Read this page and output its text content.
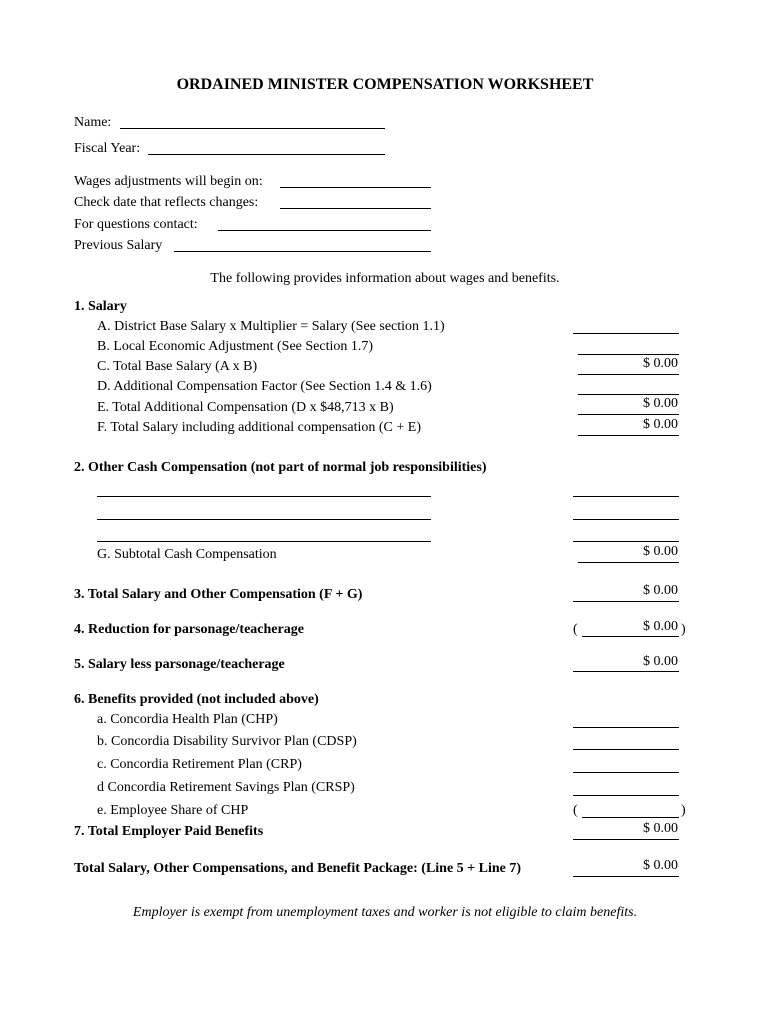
ORDAINED MINISTER COMPENSATION WORKSHEET
Name:
Fiscal Year:
Wages adjustments will begin on:
Check date that reflects changes:
For questions contact:
Previous Salary
The following provides information about wages and benefits.
1. Salary
A. District Base Salary x Multiplier = Salary (See section 1.1)
B. Local Economic Adjustment (See Section 1.7)
C. Total Base Salary (A x B)	$ 0.00
D. Additional Compensation Factor (See Section 1.4 & 1.6)
E. Total Additional Compensation (D x $48,713 x B)	$ 0.00
F. Total Salary including additional compensation (C + E)	$ 0.00
2. Other Cash Compensation (not part of normal job responsibilities)
G. Subtotal Cash Compensation	$ 0.00
3. Total Salary and Other Compensation (F + G)	$ 0.00
4. Reduction for parsonage/teacherage	(	$ 0.00 )
5. Salary less parsonage/teacherage	$ 0.00
6. Benefits provided (not included above)
a. Concordia Health Plan (CHP)
b. Concordia Disability Survivor Plan (CDSP)
c. Concordia Retirement Plan (CRP)
d Concordia Retirement Savings Plan (CRSP)
e. Employee Share of CHP	(	)
7. Total Employer Paid Benefits	$ 0.00
Total Salary, Other Compensations, and Benefit Package: (Line 5 + Line 7)	$ 0.00
Employer is exempt from unemployment taxes and worker is not eligible to claim benefits.
